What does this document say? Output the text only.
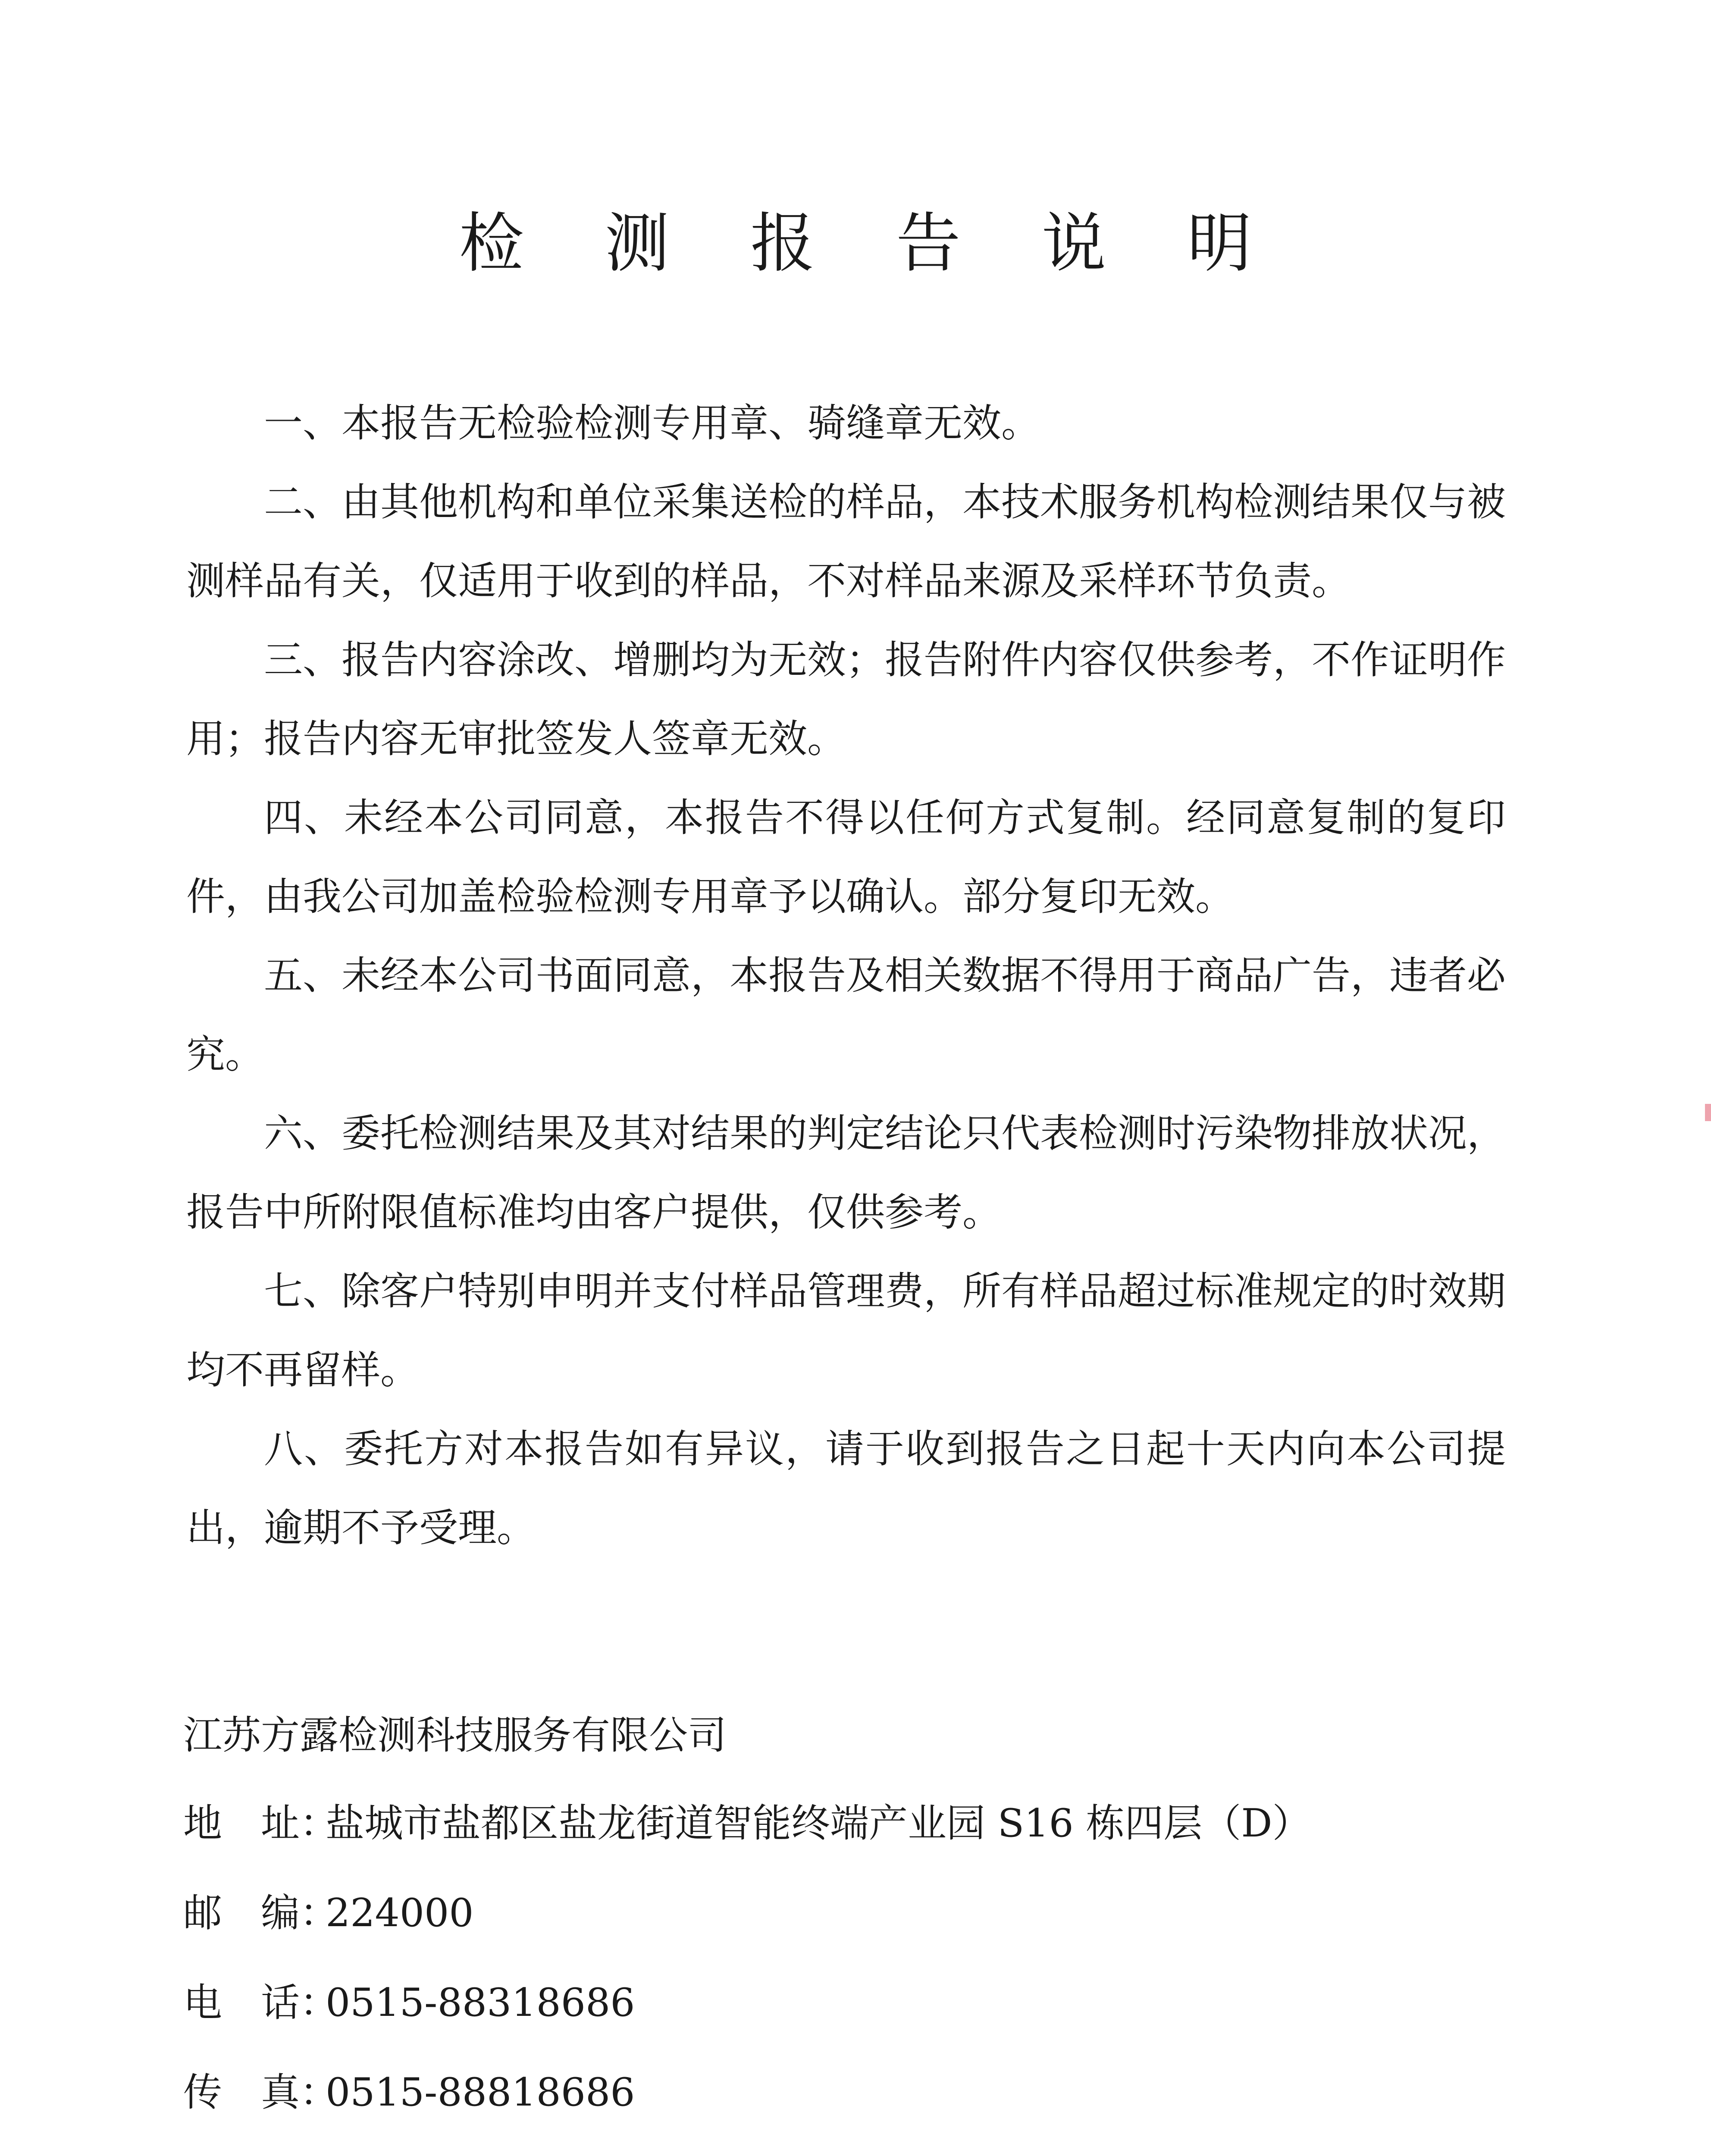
检 测 报 告 说 明

一、本报告无检验检测专用章、骑缝章无效。

二、由其他机构和单位采集送检的样品，本技术服务机构检测结果仅与被测样品有关，仅适用于收到的样品，不对样品来源及采样环节负责。

三、报告内容涂改、增删均为无效；报告附件内容仅供参考，不作证明作用；报告内容无审批签发人签章无效。

四、未经本公司同意，本报告不得以任何方式复制。经同意复制的复印件，由我公司加盖检验检测专用章予以确认。部分复印无效。

五、未经本公司书面同意，本报告及相关数据不得用于商品广告，违者必究。

六、委托检测结果及其对结果的判定结论只代表检测时污染物排放状况，报告中所附限值标准均由客户提供，仅供参考。

七、除客户特别申明并支付样品管理费，所有样品超过标准规定的时效期均不再留样。

八、委托方对本报告如有异议，请于收到报告之日起十天内向本公司提出，逾期不予受理。

江苏方露检测科技服务有限公司

地 址：
盐城市盐都区盐龙街道智能终端产业园 S16 栋四层（D）
邮 编：
224000
电 话：
0515-88318686
传 真：
0515-88818686
